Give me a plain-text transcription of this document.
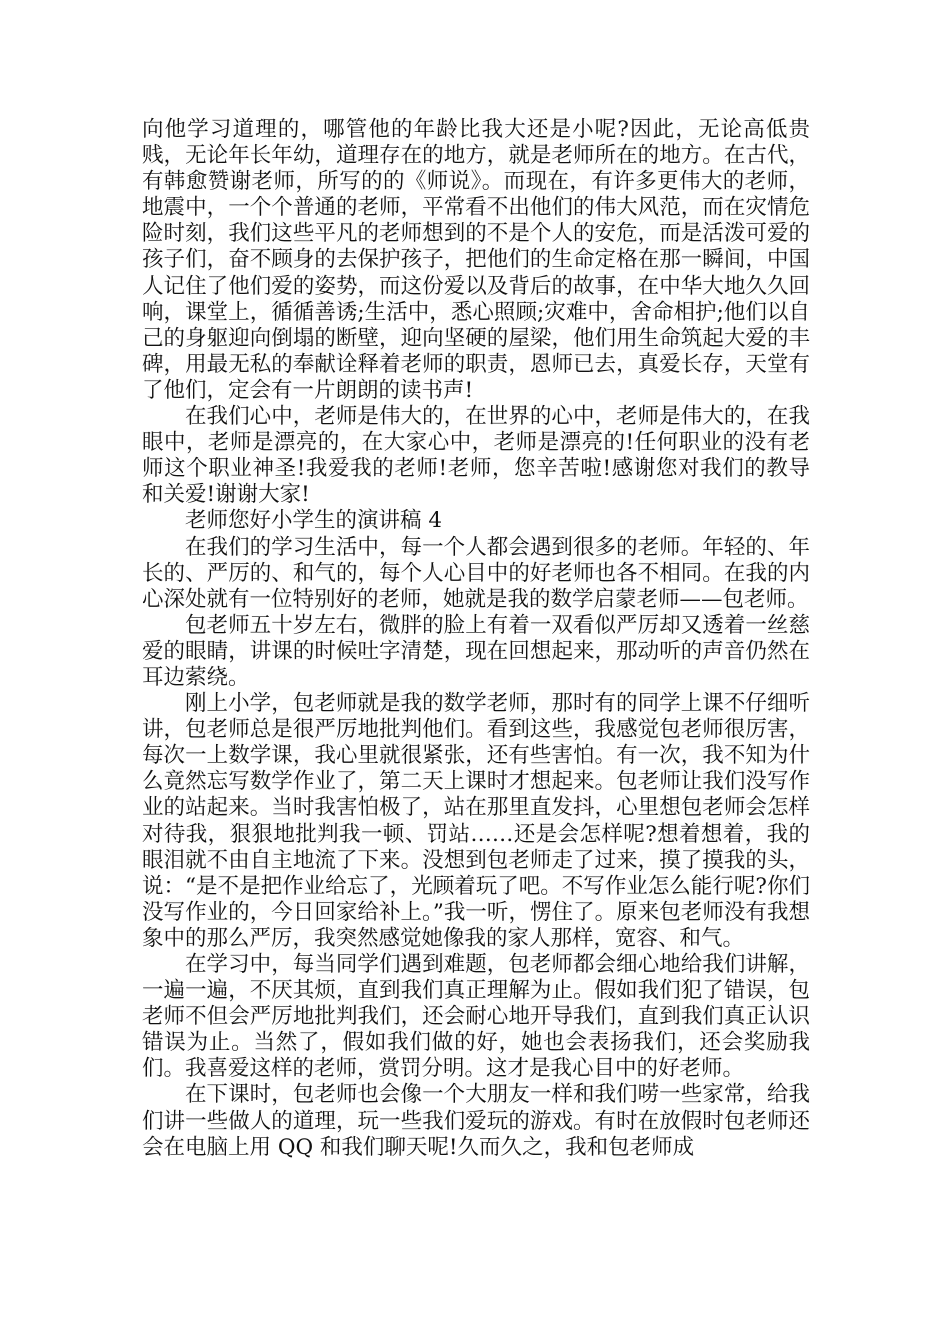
向他学习道理的，哪管他的年龄比我大还是小呢?因此，无论高低贵贱，无论年长年幼，道理存在的地方，就是老师所在的地方。在古代，有韩愈赞谢老师，所写的的《师说》。而现在，有许多更伟大的老师，地震中，一个个普通的老师，平常看不出他们的伟大风范，而在灾情危险时刻，我们这些平凡的老师想到的不是个人的安危，而是活泼可爱的孩子们，奋不顾身的去保护孩子，把他们的生命定格在那一瞬间，中国人记住了他们爱的姿势，而这份爱以及背后的故事，在中华大地久久回响，课堂上，循循善诱;生活中，悉心照顾;灾难中，舍命相护;他们以自己的身躯迎向倒塌的断壁，迎向坚硬的屋梁，他们用生命筑起大爱的丰碑，用最无私的奉献诠释着老师的职责，恩师已去，真爱长存，天堂有了他们，定会有一片朗朗的读书声!

在我们心中，老师是伟大的，在世界的心中，老师是伟大的，在我眼中，老师是漂亮的，在大家心中，老师是漂亮的!任何职业的没有老师这个职业神圣!我爱我的老师!老师，您辛苦啦!感谢您对我们的教导和关爱!谢谢大家!

老师您好小学生的演讲稿 4

在我们的学习生活中，每一个人都会遇到很多的老师。年轻的、年长的、严厉的、和气的，每个人心目中的好老师也各不相同。在我的内心深处就有一位特别好的老师，她就是我的数学启蒙老师——包老师。

包老师五十岁左右，微胖的脸上有着一双看似严厉却又透着一丝慈爱的眼睛，讲课的时候吐字清楚，现在回想起来，那动听的声音仍然在耳边萦绕。

刚上小学，包老师就是我的数学老师，那时有的同学上课不仔细听讲，包老师总是很严厉地批判他们。看到这些，我感觉包老师很厉害，每次一上数学课，我心里就很紧张，还有些害怕。有一次，我不知为什么竟然忘写数学作业了，第二天上课时才想起来。包老师让我们没写作业的站起来。当时我害怕极了，站在那里直发抖，心里想包老师会怎样对待我，狠狠地批判我一顿、罚站……还是会怎样呢?想着想着，我的眼泪就不由自主地流了下来。没想到包老师走了过来，摸了摸我的头，说：“是不是把作业给忘了，光顾着玩了吧。不写作业怎么能行呢?你们没写作业的，今日回家给补上。”我一听，愣住了。原来包老师没有我想象中的那么严厉，我突然感觉她像我的家人那样，宽容、和气。

在学习中，每当同学们遇到难题，包老师都会细心地给我们讲解，一遍一遍，不厌其烦，直到我们真正理解为止。假如我们犯了错误，包老师不但会严厉地批判我们，还会耐心地开导我们，直到我们真正认识错误为止。当然了，假如我们做的好，她也会表扬我们，还会奖励我们。我喜爱这样的老师，赏罚分明。这才是我心目中的好老师。

在下课时，包老师也会像一个大朋友一样和我们唠一些家常，给我们讲一些做人的道理，玩一些我们爱玩的游戏。有时在放假时包老师还会在电脑上用 QQ 和我们聊天呢!久而久之，我和包老师成
